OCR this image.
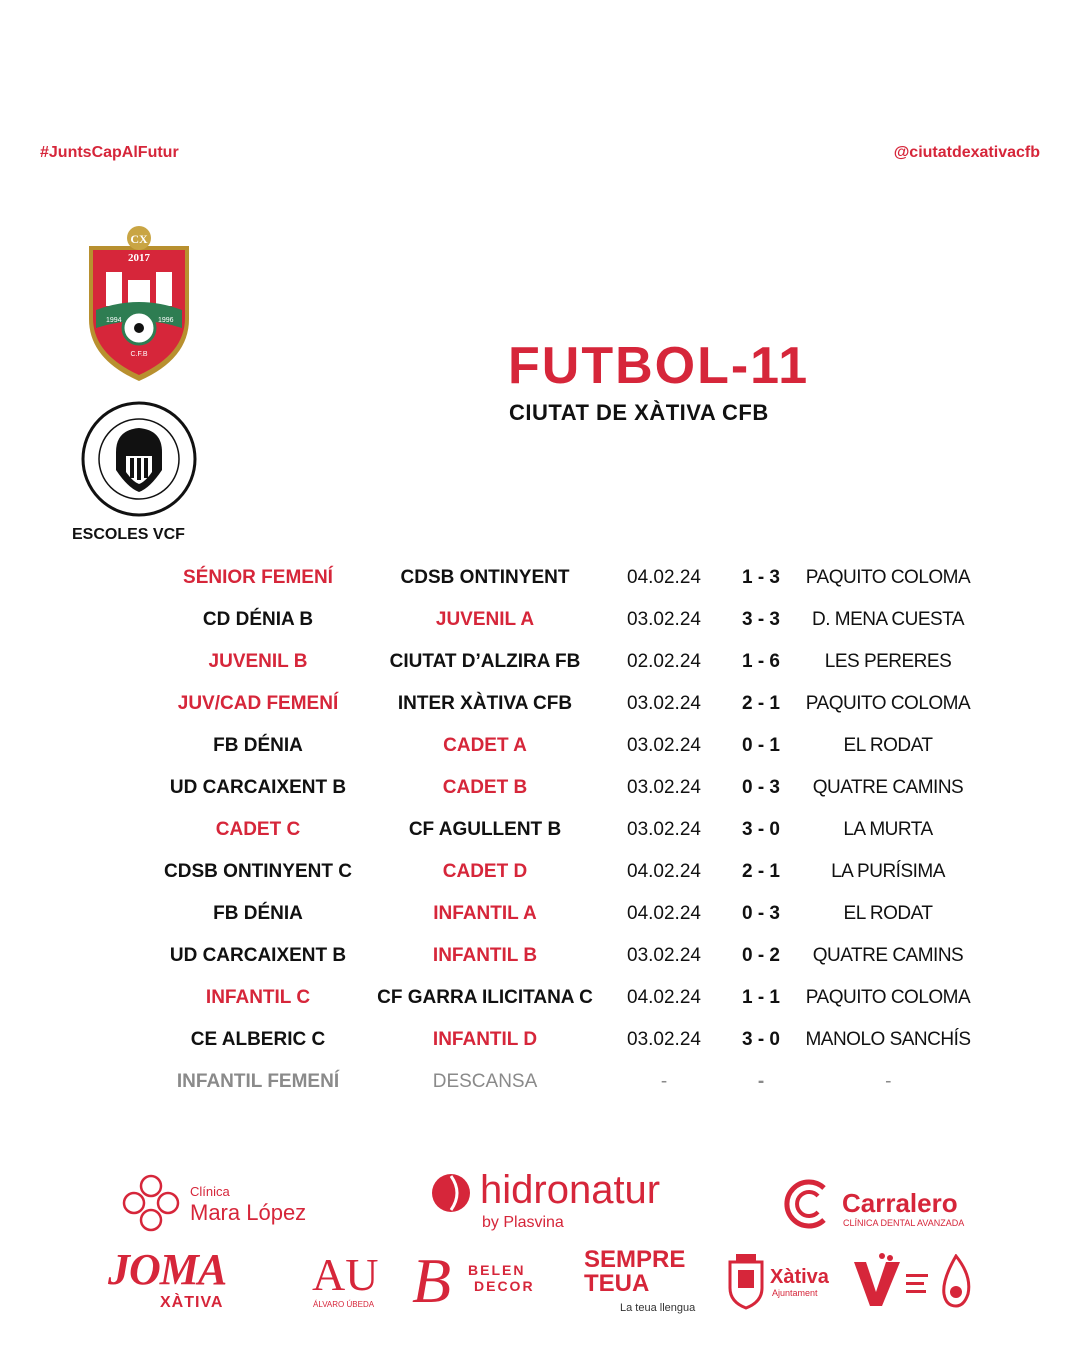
#JuntsCapAlFutur	@ciutatdexativacfb
CX
2017
1994	1996
C.F.B
ESCOLES VCF
FUTBOL-11
CIUTAT DE XÀTIVA CFB
SÉNIOR FEMENÍ	CDSB ONTINYENT	04.02.24	1 - 3	PAQUITO COLOMA
CD DÉNIA B	JUVENIL A	03.02.24	3 - 3	D. MENA CUESTA
JUVENIL B	CIUTAT D’ALZIRA FB	02.02.24	1 - 6	LES PERERES
JUV/CAD FEMENÍ	INTER XÀTIVA CFB	03.02.24	2 - 1	PAQUITO COLOMA
FB DÉNIA	CADET A	03.02.24	0 - 1	EL RODAT
UD CARCAIXENT B	CADET B	03.02.24	0 - 3	QUATRE CAMINS
CADET C	CF AGULLENT B	03.02.24	3 - 0	LA MURTA
CDSB ONTINYENT C	CADET D	04.02.24	2 - 1	LA PURÍSIMA
FB DÉNIA	INFANTIL A	04.02.24	0 - 3	EL RODAT
UD CARCAIXENT B	INFANTIL B	03.02.24	0 - 2	QUATRE CAMINS
INFANTIL C	CF GARRA ILICITANA C	04.02.24	1 - 1	PAQUITO COLOMA
CE ALBERIC C	INFANTIL D	03.02.24	3 - 0	MANOLO SANCHÍS
INFANTIL FEMENÍ	DESCANSA	-	-	-
Clínica
Mara López
hidronatur
by Plasvina
Carralero
CLÍNICA DENTAL AVANZADA
JOMA
XÀTIVA
AU
ÁLVARO ÚBEDA B BELEN
DECOR
SEMPRE
TEUA
La teua llengua
Xàtiva
Ajuntament
